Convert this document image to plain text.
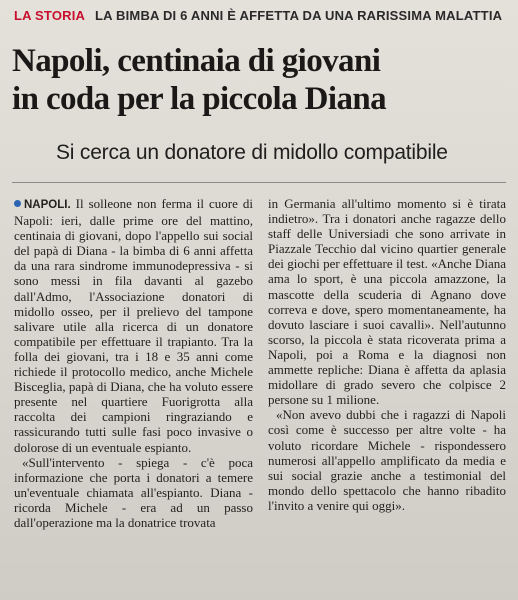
LA STORIA LA BIMBA DI 6 ANNI È AFFETTA DA UNA RARISSIMA MALATTIA
Napoli, centinaia di giovani
in coda per la piccola Diana
Si cerca un donatore di midollo compatibile

NAPOLI. Il solleone non ferma il cuore di Napoli: ieri, dalle prime ore del mattino, centinaia di giovani, dopo l'appello sui social del papà di Diana - la bimba di 6 anni affetta da una rara sindrome immunodepressiva - si sono messi in fila davanti al gazebo dall'Admo, l'Associazione donatori di midollo osseo, per il prelievo del tampone salivare utile alla ricerca di un donatore compatibile per effettuare il trapianto. Tra la folla dei giovani, tra i 18 e 35 anni come richiede il protocollo medico, anche Michele Bisceglia, papà di Diana, che ha voluto essere presente nel quartiere Fuorigrotta alla raccolta dei campioni ringraziando e rassicurando tutti sulle fasi poco invasive o dolorose di un eventuale espianto.

«Sull'intervento - spiega - c'è poca informazione che porta i donatori a temere un'eventuale chiamata all'espianto. Diana - ricorda Michele - era ad un passo dall'operazione ma la donatrice trovata

in Germania all'ultimo momento si è tirata indietro». Tra i donatori anche ragazze dello staff delle Universiadi che sono arrivate in Piazzale Tecchio dal vicino quartier generale dei giochi per effettuare il test. «Anche Diana ama lo sport, è una piccola amazzone, la mascotte della scuderia di Agnano dove correva e dove, spero momentaneamente, ha dovuto lasciare i suoi cavalli». Nell'autunno scorso, la piccola è stata ricoverata prima a Napoli, poi a Roma e la diagnosi non ammette repliche: Diana è affetta da aplasia midollare di grado severo che colpisce 2 persone su 1 milione.

«Non avevo dubbi che i ragazzi di Napoli così come è successo per altre volte - ha voluto ricordare Michele - rispondessero numerosi all'appello amplificato da media e sui social grazie anche a testimonial del mondo dello spettacolo che hanno ribadito l'invito a venire qui oggi».
